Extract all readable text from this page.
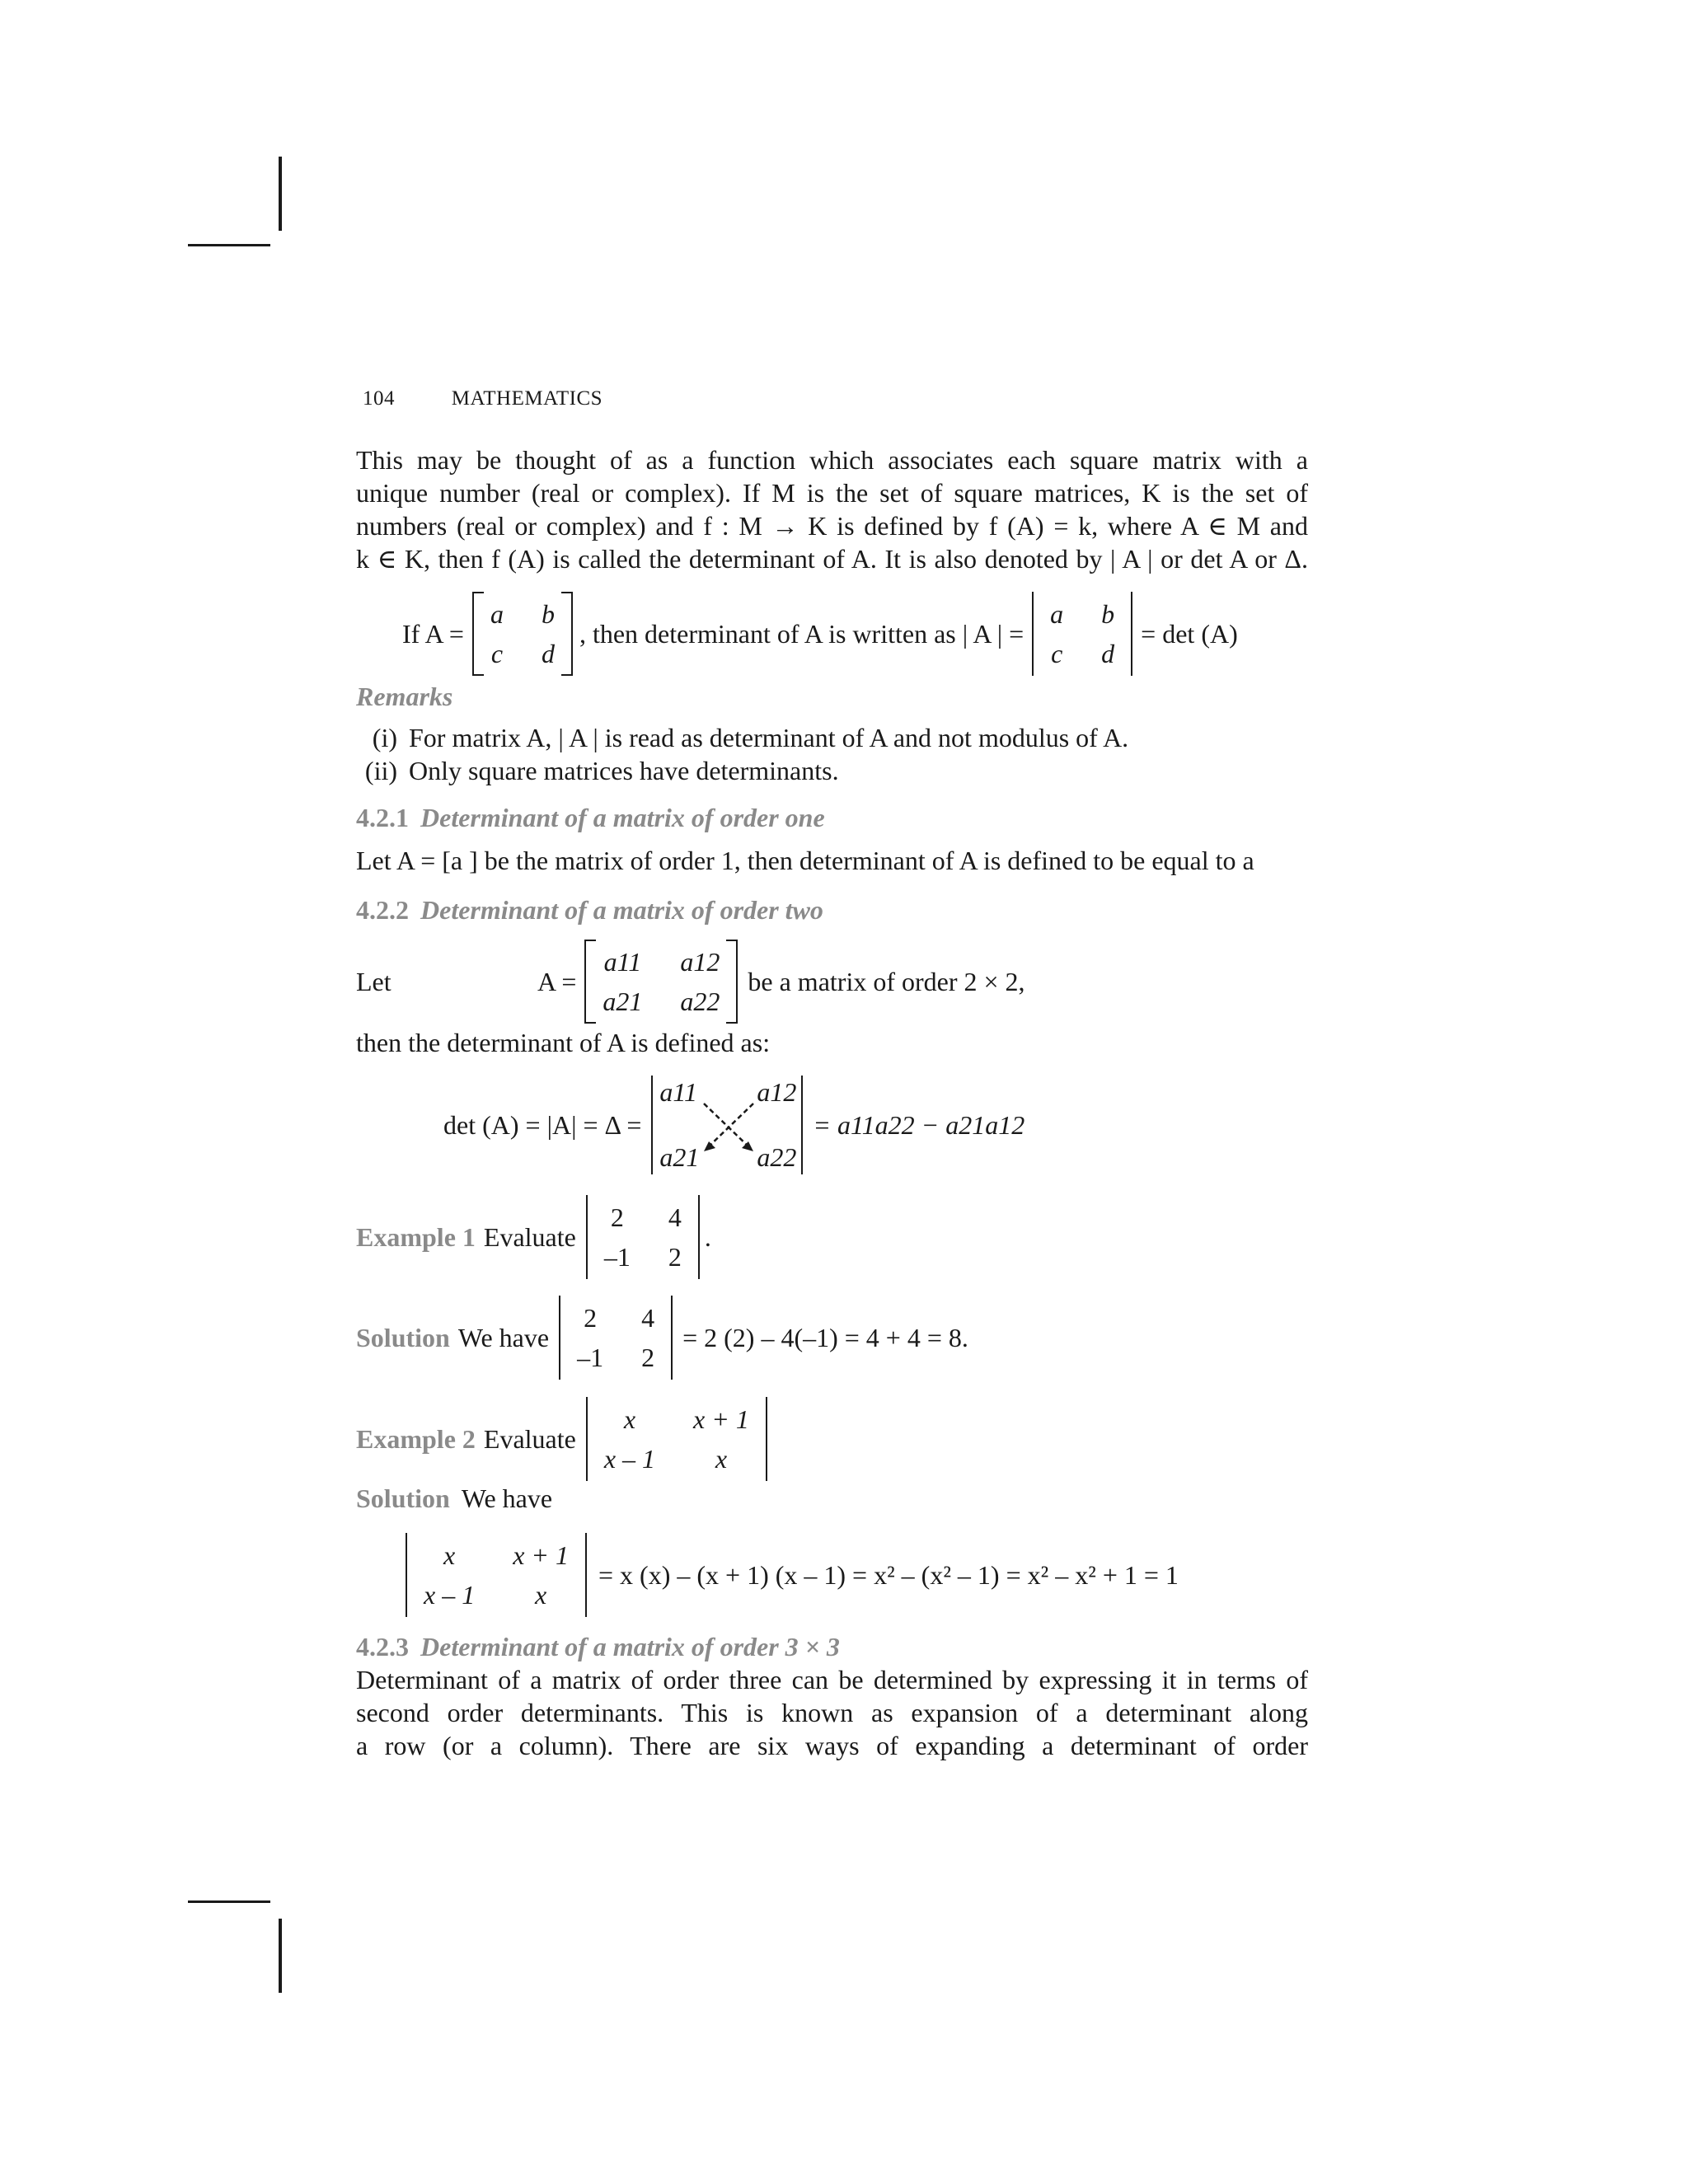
104	MATHEMATICS

This may be thought of as a function which associates each square matrix with a

unique number (real or complex). If M is the set of square matrices, K is the set of

numbers (real or complex) and f : M → K is defined by f (A) = k, where A ∈ M and

k ∈ K, then f (A) is called the determinant of A. It is also denoted by | A | or det A or Δ.

If A =
a b
c d
, then determinant of A is written as | A | =
a b
c d
= det (A)

Remarks

(i) For matrix A, | A | is read as determinant of A and not modulus of A.
(ii) Only square matrices have determinants.

4.2.1 Determinant of a matrix of order one

Let A = [a ] be the matrix of order 1, then determinant of A is defined to be equal to a

4.2.2 Determinant of a matrix of order two

Let	A =
a11 a12
a21 a22
be a matrix of order 2 × 2,
then the determinant of A is defined as:
det (A) = |A| = Δ =
a11 a12
a21 a22
= a11a22 − a21a12
Example 1 Evaluate
2 4
–1 2
.
Solution We have
2 4
–1 2
= 2 (2) – 4(–1) = 4 + 4 = 8.
Example 2 Evaluate
x	x + 1
x – 1	x
Solution We have
x	x + 1
x – 1	x
= x (x) – (x + 1) (x – 1) = x² – (x² – 1) = x² – x² + 1 = 1

4.2.3 Determinant of a matrix of order 3 × 3

Determinant of a matrix of order three can be determined by expressing it in terms of

second order determinants. This is known as expansion of a determinant along

a row (or a column). There are six ways of expanding a determinant of order
